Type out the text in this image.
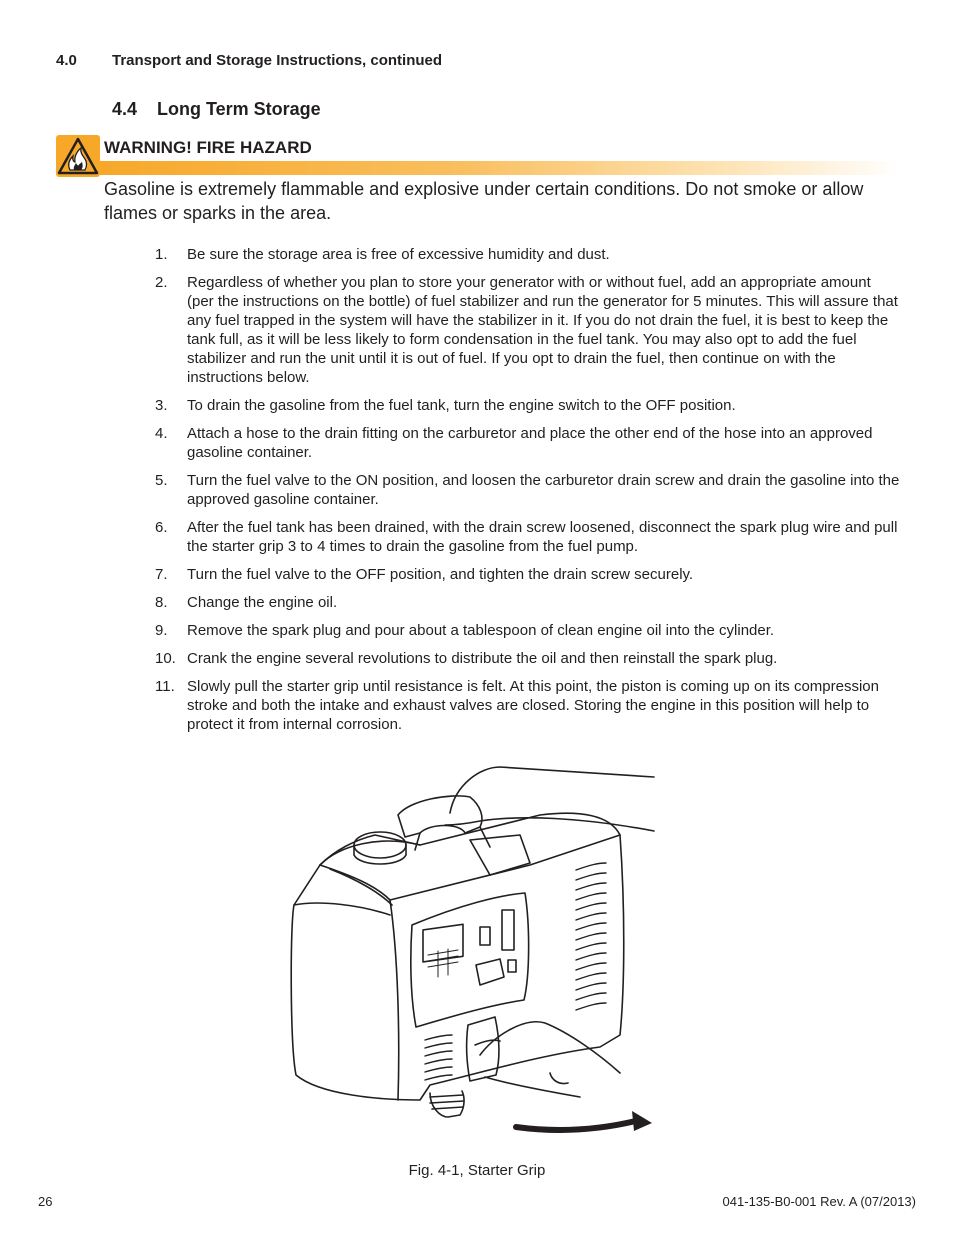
4.0 Transport and Storage Instructions, continued
4.4 Long Term Storage
WARNING! FIRE HAZARD
Gasoline is extremely flammable and explosive under certain conditions. Do not smoke or allow flames or sparks in the area.
1. Be sure the storage area is free of excessive humidity and dust.
2. Regardless of whether you plan to store your generator with or without fuel, add an appropriate amount (per the instructions on the bottle) of fuel stabilizer and run the generator for 5 minutes. This will assure that any fuel trapped in the system will have the stabilizer in it. If you do not drain the fuel, it is best to keep the tank full, as it will be less likely to form condensation in the fuel tank. You may also opt to add the fuel stabilizer and run the unit until it is out of fuel. If you opt to drain the fuel, then continue on with the instructions below.
3. To drain the gasoline from the fuel tank, turn the engine switch to the OFF position.
4. Attach a hose to the drain fitting on the carburetor and place the other end of the hose into an approved gasoline container.
5. Turn the fuel valve to the ON position, and loosen the carburetor drain screw and drain the gasoline into the approved gasoline container.
6. After the fuel tank has been drained, with the drain screw loosened, disconnect the spark plug wire and pull the starter grip 3 to 4 times to drain the gasoline from the fuel pump.
7. Turn the fuel valve to the OFF position, and tighten the drain screw securely.
8. Change the engine oil.
9. Remove the spark plug and pour about a tablespoon of clean engine oil into the cylinder.
10. Crank the engine several revolutions to distribute the oil and then reinstall the spark plug.
11. Slowly pull the starter grip until resistance is felt. At this point, the piston is coming up on its compression stroke and both the intake and exhaust valves are closed. Storing the engine in this position will help to protect it from internal corrosion.
Fig. 4-1, Starter Grip
26	041-135-B0-001 Rev. A (07/2013)
